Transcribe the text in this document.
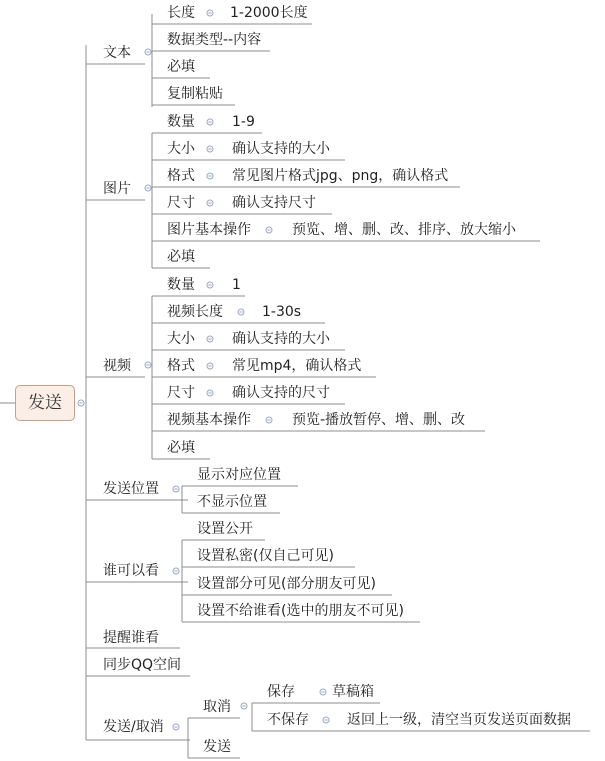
发送
文本
图片
视频
发送位置
谁可以看
提醒谁看
同步QQ空间
发送/取消
长度	1-2000长度
数据类型--内容
必填
复制粘贴
数量	1-9
大小	确认支持的大小
格式	常见图片格式jpg、png，确认格式
尺寸	确认支持尺寸
图片基本操作	预览、增、删、改、排序、放大缩小
必填
数量	1
视频长度	1-30s
大小	确认支持的大小
格式	常见mp4，确认格式
尺寸	确认支持的尺寸
视频基本操作	预览-播放暂停、增、删、改
必填
显示对应位置
不显示位置
设置公开
设置私密(仅自己可见)
设置部分可见(部分朋友可见)
设置不给谁看(选中的朋友不可见)
取消
保存	草稿箱
不保存	返回上一级，清空当页发送页面数据
发送
